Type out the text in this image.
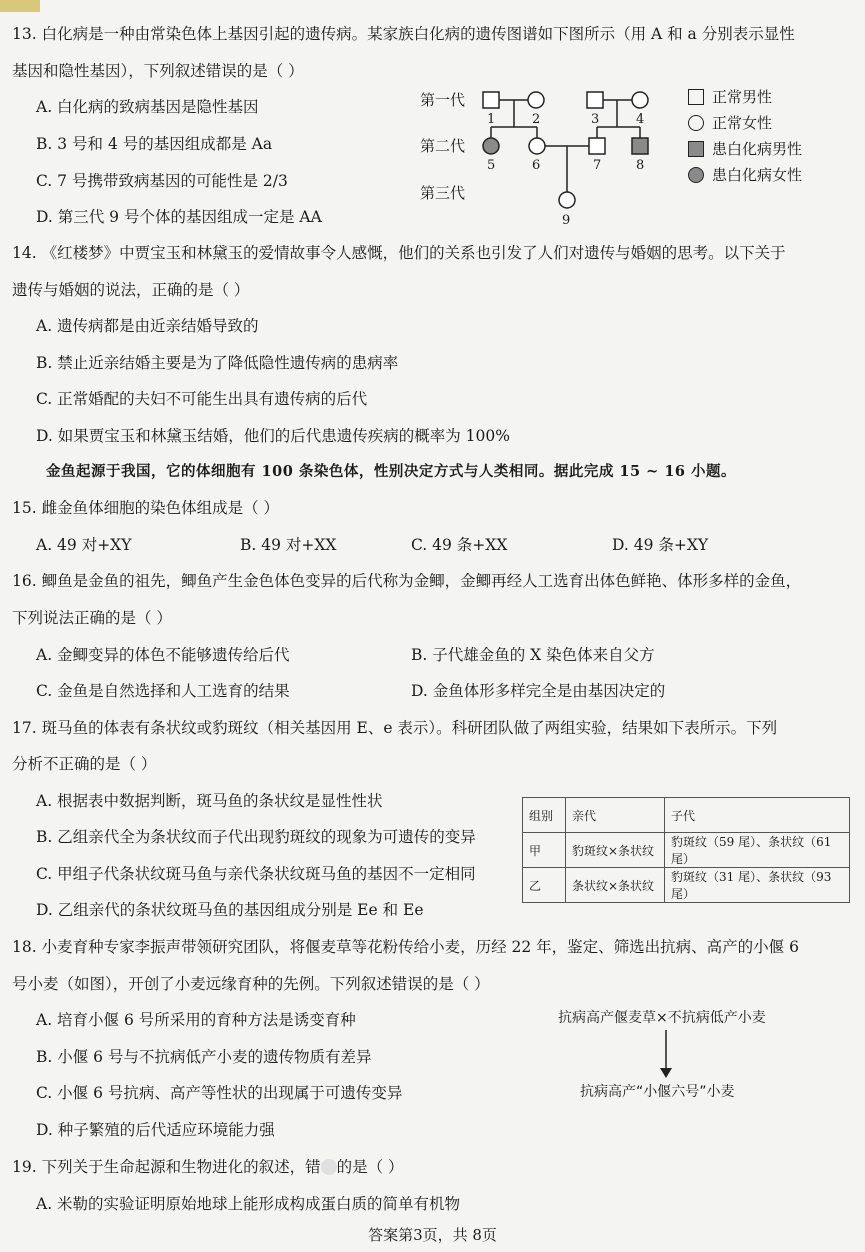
13. 白化病是一种由常染色体上基因引起的遗传病。某家族白化病的遗传图谱如下图所示（用 A 和 a 分别表示显性
基因和隐性基因），下列叙述错误的是（ ）
A. 白化病的致病基因是隐性基因
B. 3 号和 4 号的基因组成都是 Aa
C. 7 号携带致病基因的可能性是 2/3
D. 第三代 9 号个体的基因组成一定是 AA
第一代
第二代
第三代
1	2	3	4
5	6	7	8
9
正常男性
正常女性
患白化病男性
患白化病女性
14. 《红楼梦》中贾宝玉和林黛玉的爱情故事令人感慨，他们的关系也引发了人们对遗传与婚姻的思考。以下关于
遗传与婚姻的说法，正确的是（ ）
A. 遗传病都是由近亲结婚导致的
B. 禁止近亲结婚主要是为了降低隐性遗传病的患病率
C. 正常婚配的夫妇不可能生出具有遗传病的后代
D. 如果贾宝玉和林黛玉结婚，他们的后代患遗传疾病的概率为 100%
金鱼起源于我国，它的体细胞有 100 条染色体，性别决定方式与人类相同。据此完成 15 ~ 16 小题。
15. 雌金鱼体细胞的染色体组成是（ ）
A. 49 对+XY	B. 49 对+XX	C. 49 条+XX	D. 49 条+XY
16. 鲫鱼是金鱼的祖先，鲫鱼产生金色体色变异的后代称为金鲫，金鲫再经人工选育出体色鲜艳、体形多样的金鱼，
下列说法正确的是（ ）
A. 金鲫变异的体色不能够遗传给后代	B. 子代雄金鱼的 X 染色体来自父方
C. 金鱼是自然选择和人工选育的结果	D. 金鱼体形多样完全是由基因决定的
17. 斑马鱼的体表有条状纹或豹斑纹（相关基因用 E、e 表示）。科研团队做了两组实验，结果如下表所示。下列
分析不正确的是（ ）
A. 根据表中数据判断，斑马鱼的条状纹是显性性状
B. 乙组亲代全为条状纹而子代出现豹斑纹的现象为可遗传的变异
C. 甲组子代条状纹斑马鱼与亲代条状纹斑马鱼的基因不一定相同
D. 乙组亲代的条状纹斑马鱼的基因组成分别是 Ee 和 Ee
组别	亲代	子代
甲	豹斑纹×条状纹	豹斑纹（59 尾）、条状纹（61 尾）
乙	条状纹×条状纹	豹斑纹（31 尾）、条状纹（93 尾）
18. 小麦育种专家李振声带领研究团队，将偃麦草等花粉传给小麦，历经 22 年，鉴定、筛选出抗病、高产的小偃 6
号小麦（如图），开创了小麦远缘育种的先例。下列叙述错误的是（ ）
A. 培育小偃 6 号所采用的育种方法是诱变育种
B. 小偃 6 号与不抗病低产小麦的遗传物质有差异
C. 小偃 6 号抗病、高产等性状的出现属于可遗传变异
D. 种子繁殖的后代适应环境能力强
抗病高产偃麦草×不抗病低产小麦
抗病高产“小偃六号”小麦
19. 下列关于生命起源和生物进化的叙述，错 的是（ ）
A. 米勒的实验证明原始地球上能形成构成蛋白质的简单有机物
答案第3页，共 8页
